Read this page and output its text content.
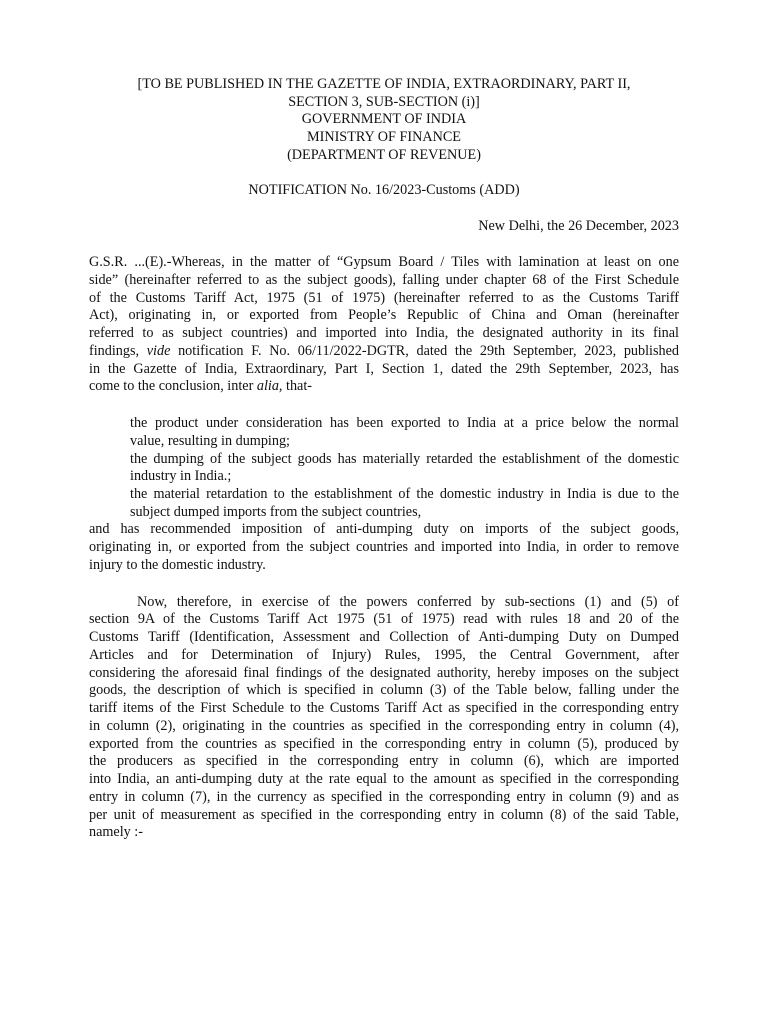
[TO BE PUBLISHED IN THE GAZETTE OF INDIA, EXTRAORDINARY, PART II,
SECTION 3, SUB-SECTION (i)]
GOVERNMENT OF INDIA
MINISTRY OF FINANCE
(DEPARTMENT OF REVENUE)
NOTIFICATION No. 16/2023-Customs (ADD)
New Delhi, the 26 December, 2023
G.S.R. ...(E).-Whereas, in the matter of “Gypsum Board / Tiles with lamination at least on one
side” (hereinafter referred to as the subject goods), falling under chapter 68 of the First Schedule
of the Customs Tariff Act, 1975 (51 of 1975) (hereinafter referred to as the Customs Tariff
Act), originating in, or exported from People’s Republic of China and Oman (hereinafter
referred to as subject countries) and imported into India, the designated authority in its final
findings, vide notification F. No. 06/11/2022-DGTR, dated the 29th September, 2023, published
in the Gazette of India, Extraordinary, Part I, Section 1, dated the 29th September, 2023, has
come to the conclusion, inter alia, that-
the product under consideration has been exported to India at a price below the normal
value, resulting in dumping;
the dumping of the subject goods has materially retarded the establishment of the domestic
industry in India.;
the material retardation to the establishment of the domestic industry in India is due to the
subject dumped imports from the subject countries,
and has recommended imposition of anti-dumping duty on imports of the subject goods,
originating in, or exported from the subject countries and imported into India, in order to remove
injury to the domestic industry.
Now, therefore, in exercise of the powers conferred by sub-sections (1) and (5) of
section 9A of the Customs Tariff Act 1975 (51 of 1975) read with rules 18 and 20 of the
Customs Tariff (Identification, Assessment and Collection of Anti-dumping Duty on Dumped
Articles and for Determination of Injury) Rules, 1995, the Central Government, after
considering the aforesaid final findings of the designated authority, hereby imposes on the subject
goods, the description of which is specified in column (3) of the Table below, falling under the
tariff items of the First Schedule to the Customs Tariff Act as specified in the corresponding entry
in column (2), originating in the countries as specified in the corresponding entry in column (4),
exported from the countries as specified in the corresponding entry in column (5), produced by
the producers as specified in the corresponding entry in column (6), which are imported
into India, an anti-dumping duty at the rate equal to the amount as specified in the corresponding
entry in column (7), in the currency as specified in the corresponding entry in column (9) and as
per unit of measurement as specified in the corresponding entry in column (8) of the said Table,
namely :-
